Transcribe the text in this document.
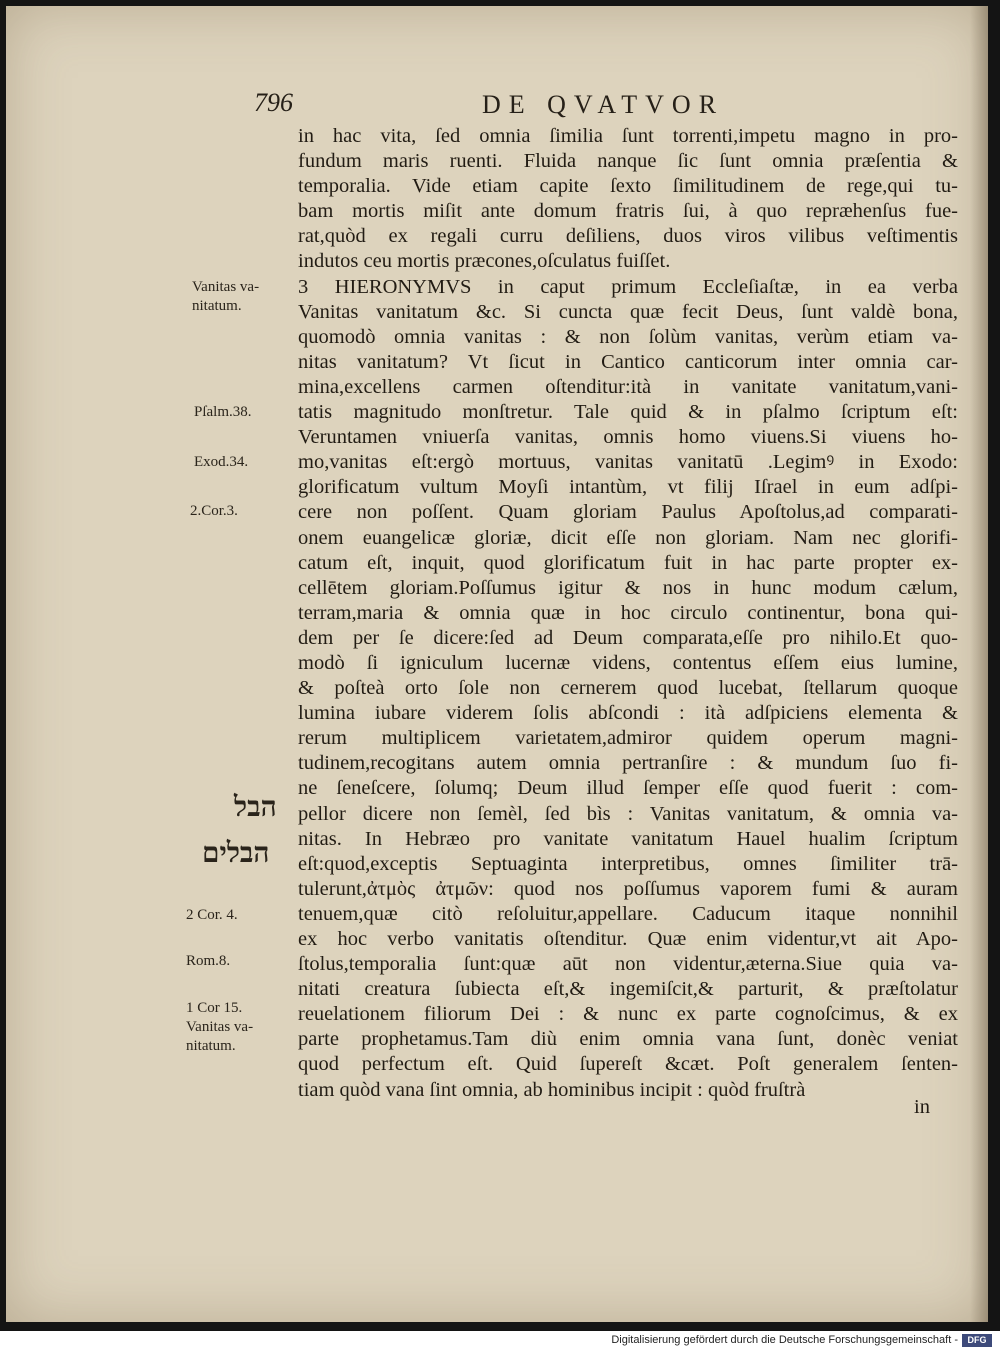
796	DE QVATVOR
in hac vita, ſed omnia ſimilia ſunt torrenti,impetu magno in pro-
fundum maris ruenti. Fluida nanque ſic ſunt omnia præſentia &
temporalia. Vide etiam capite ſexto ſimilitudinem de rege,qui tu-
bam mortis miſit ante domum fratris ſui, à quo repræhenſus fue-
rat,quòd ex regali curru deſiliens, duos viros vilibus veſtimentis
indutos ceu mortis præcones,oſculatus fuiſſet.
3 HIERONYMVS in caput primum Eccleſiaſtæ, in ea verba
Vanitas vanitatum &c. Si cuncta quæ fecit Deus, ſunt valdè bona,
quomodò omnia vanitas : & non ſolùm vanitas, verùm etiam va-
nitas vanitatum? Vt ſicut in Cantico canticorum inter omnia car-
mina,excellens carmen oſtenditur:ità in vanitate vanitatum,vani-
tatis magnitudo monſtretur. Tale quid & in pſalmo ſcriptum eſt:
Veruntamen vniuerſa vanitas, omnis homo viuens.Si viuens ho-
mo,vanitas eſt:ergò mortuus, vanitas vanitatū .Legimꝰ in Exodo:
glorificatum vultum Moyſi intantùm, vt filij Iſrael in eum adſpi-
cere non poſſent. Quam gloriam Paulus Apoſtolus,ad comparati-
onem euangelicæ gloriæ, dicit eſſe non gloriam. Nam nec glorifi-
catum eſt, inquit, quod glorificatum fuit in hac parte propter ex-
cellētem gloriam.Poſſumus igitur & nos in hunc modum cælum,
terram,maria & omnia quæ in hoc circulo continentur, bona qui-
dem per ſe dicere:ſed ad Deum comparata,eſſe pro nihilo.Et quo-
modò ſi igniculum lucernæ videns, contentus eſſem eius lumine,
& poſteà orto ſole non cernerem quod lucebat, ſtellarum quoque
lumina iubare viderem ſolis abſcondi : ità adſpiciens elementa &
rerum multiplicem varietatem,admiror quidem operum magni-
tudinem,recogitans autem omnia pertranſire : & mundum ſuo fi-
ne ſeneſcere, ſolumq; Deum illud ſemper eſſe quod fuerit : com-
pellor dicere non ſemèl, ſed bìs : Vanitas vanitatum, & omnia va-
nitas. In Hebræo pro vanitate vanitatum Hauel hualim ſcriptum
eſt:quod,exceptis Septuaginta interpretibus, omnes ſimiliter trā-
tulerunt,ἀτμὸς ἀτμῶν: quod nos poſſumus vaporem fumi & auram
tenuem,quæ citò reſoluitur,appellare. Caducum itaque nonnihil
ex hoc verbo vanitatis oſtenditur. Quæ enim videntur,vt ait Apo-
ſtolus,temporalia ſunt:quæ aūt non videntur,æterna.Siue quia va-
nitati creatura ſubiecta eſt,& ingemiſcit,& parturit, & præſtolatur
reuelationem filiorum Dei : & nunc ex parte cognoſcimus, & ex
parte prophetamus.Tam diù enim omnia vana ſunt, donèc veniat
quod perfectum eſt. Quid ſupereſt &cæt. Poſt generalem ſenten-
tiam quòd vana ſint omnia, ab hominibus incipit : quòd fruſtrà
Vanitas va-
nitatum.
Pſalm.38.
Exod.34.
2.Cor.3.
הבל
הבלים
2 Cor. 4.
Rom.8.
1 Cor 15.
Vanitas va-
nitatum.
in
Digitalisierung gefördert durch die Deutsche Forschungsgemeinschaft -	DFG
